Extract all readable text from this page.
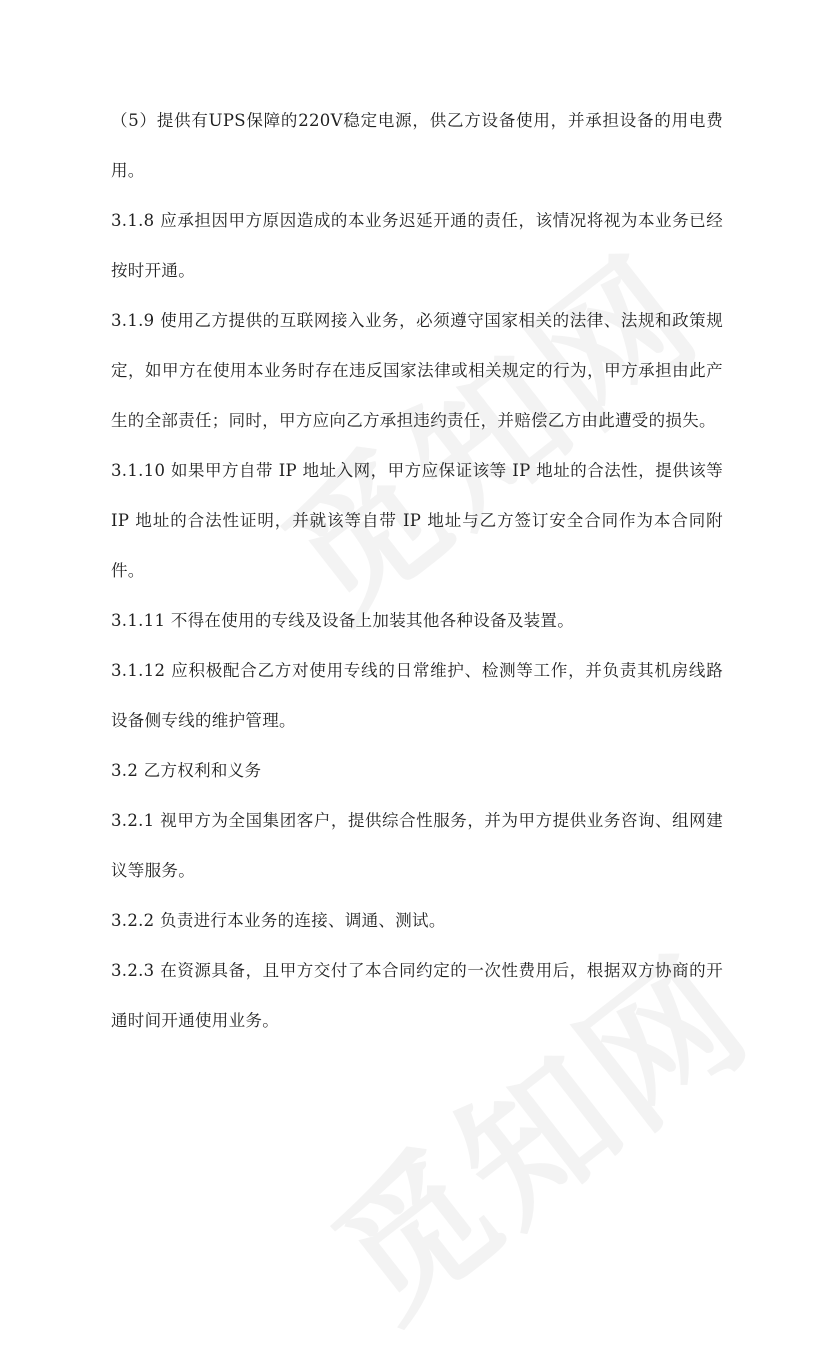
（5）提供有UPS保障的220V稳定电源，供乙方设备使用，并承担设备的用电费用。

3.1.8 应承担因甲方原因造成的本业务迟延开通的责任，该情况将视为本业务已经按时开通。

3.1.9 使用乙方提供的互联网接入业务，必须遵守国家相关的法律、法规和政策规定，如甲方在使用本业务时存在违反国家法律或相关规定的行为，甲方承担由此产生的全部责任；同时，甲方应向乙方承担违约责任，并赔偿乙方由此遭受的损失。

3.1.10 如果甲方自带 IP 地址入网，甲方应保证该等 IP 地址的合法性，提供该等 IP 地址的合法性证明，并就该等自带 IP 地址与乙方签订安全合同作为本合同附件。

3.1.11 不得在使用的专线及设备上加装其他各种设备及装置。

3.1.12 应积极配合乙方对使用专线的日常维护、检测等工作，并负责其机房线路设备侧专线的维护管理。

3.2 乙方权利和义务

3.2.1 视甲方为全国集团客户，提供综合性服务，并为甲方提供业务咨询、组网建议等服务。

3.2.2 负责进行本业务的连接、调通、测试。

3.2.3 在资源具备，且甲方交付了本合同约定的一次性费用后，根据双方协商的开通时间开通使用业务。
